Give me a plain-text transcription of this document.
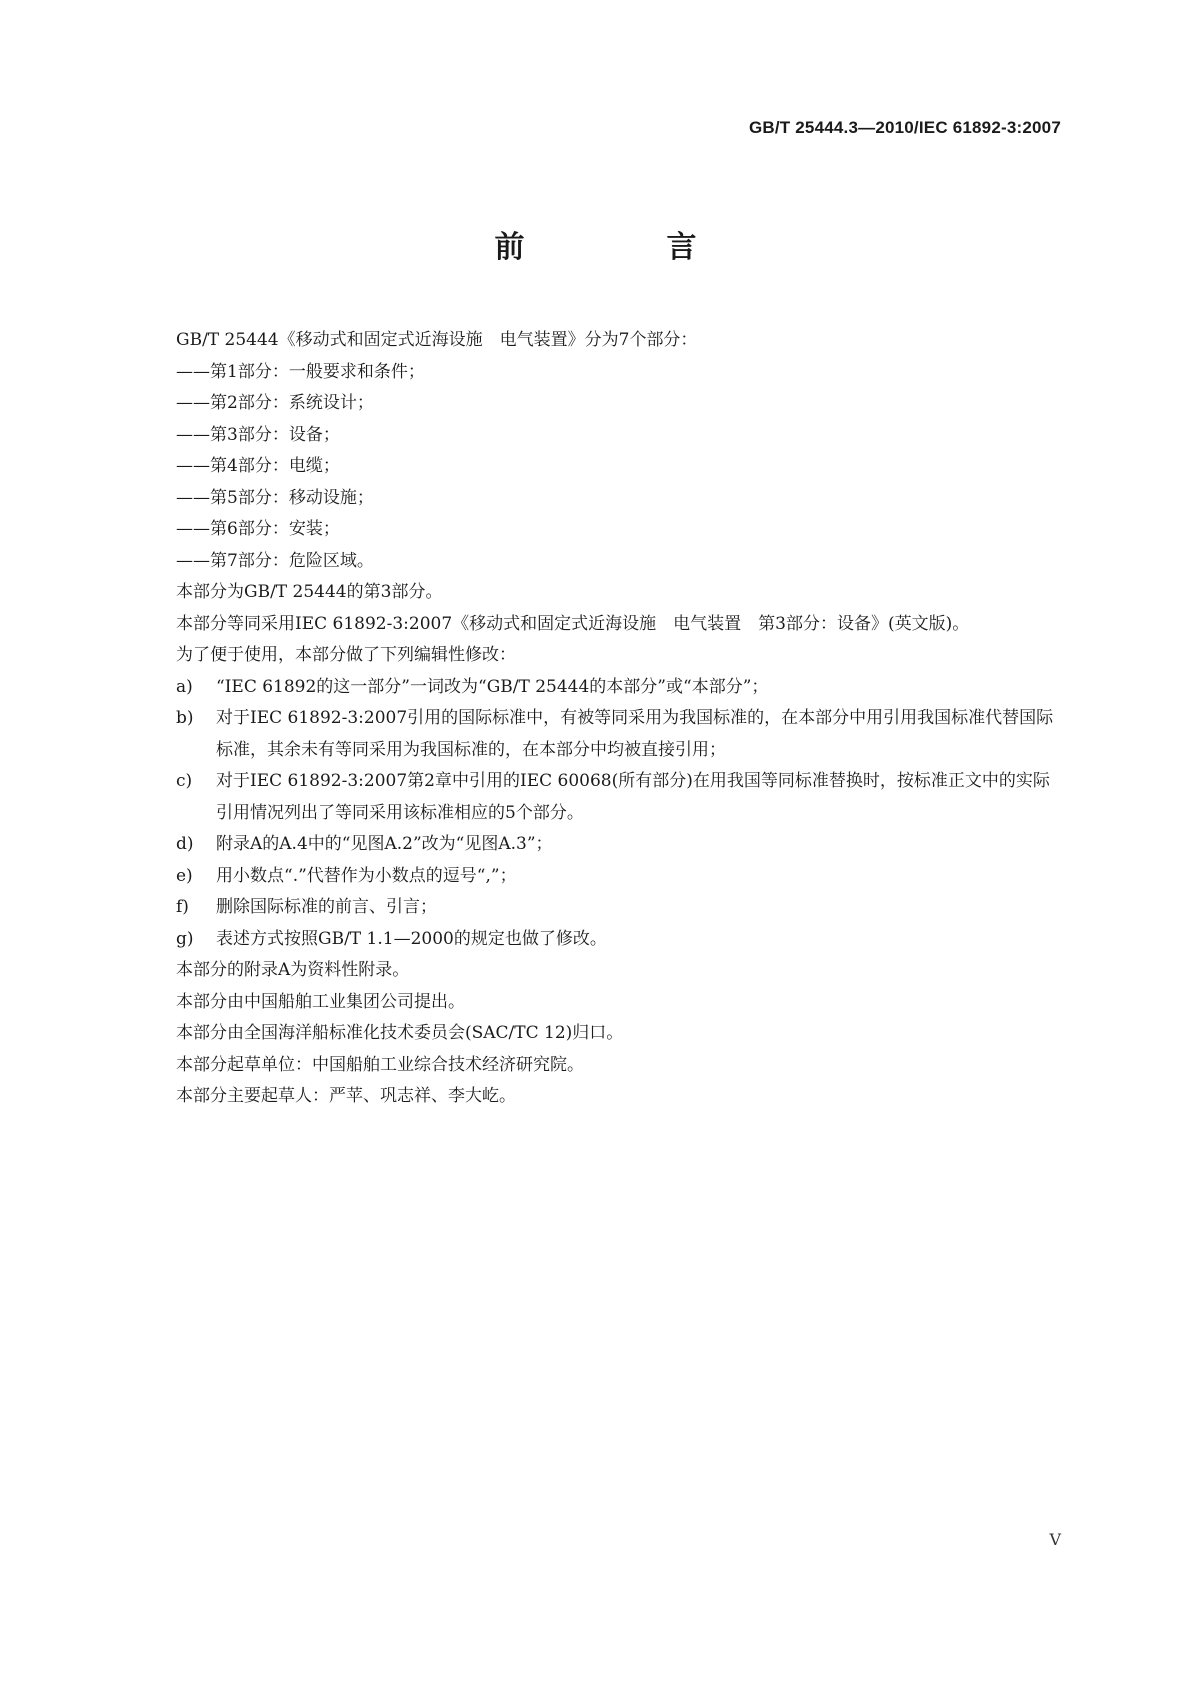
GB/T 25444.3—2010/IEC 61892-3:2007
前　言

GB/T 25444《移动式和固定式近海设施　电气装置》分为7个部分：

——第1部分：一般要求和条件；

——第2部分：系统设计；

——第3部分：设备；

——第4部分：电缆；

——第5部分：移动设施；

——第6部分：安装；

——第7部分：危险区域。

本部分为GB/T 25444的第3部分。

本部分等同采用IEC 61892-3:2007《移动式和固定式近海设施　电气装置　第3部分：设备》(英文版)。

为了便于使用，本部分做了下列编辑性修改：

a) “IEC 61892的这一部分”一词改为“GB/T 25444的本部分”或“本部分”；

b) 对于IEC 61892-3:2007引用的国际标准中，有被等同采用为我国标准的，在本部分中用引用我国标准代替国际标准，其余未有等同采用为我国标准的，在本部分中均被直接引用；

c) 对于IEC 61892-3:2007第2章中引用的IEC 60068(所有部分)在用我国等同标准替换时，按标准正文中的实际引用情况列出了等同采用该标准相应的5个部分。

d) 附录A的A.4中的“见图A.2”改为“见图A.3”；

e) 用小数点“.”代替作为小数点的逗号“,”；

f) 删除国际标准的前言、引言；

g) 表述方式按照GB/T 1.1—2000的规定也做了修改。

本部分的附录A为资料性附录。

本部分由中国船舶工业集团公司提出。

本部分由全国海洋船标准化技术委员会(SAC/TC 12)归口。

本部分起草单位：中国船舶工业综合技术经济研究院。

本部分主要起草人：严苹、巩志祥、李大屹。

V
